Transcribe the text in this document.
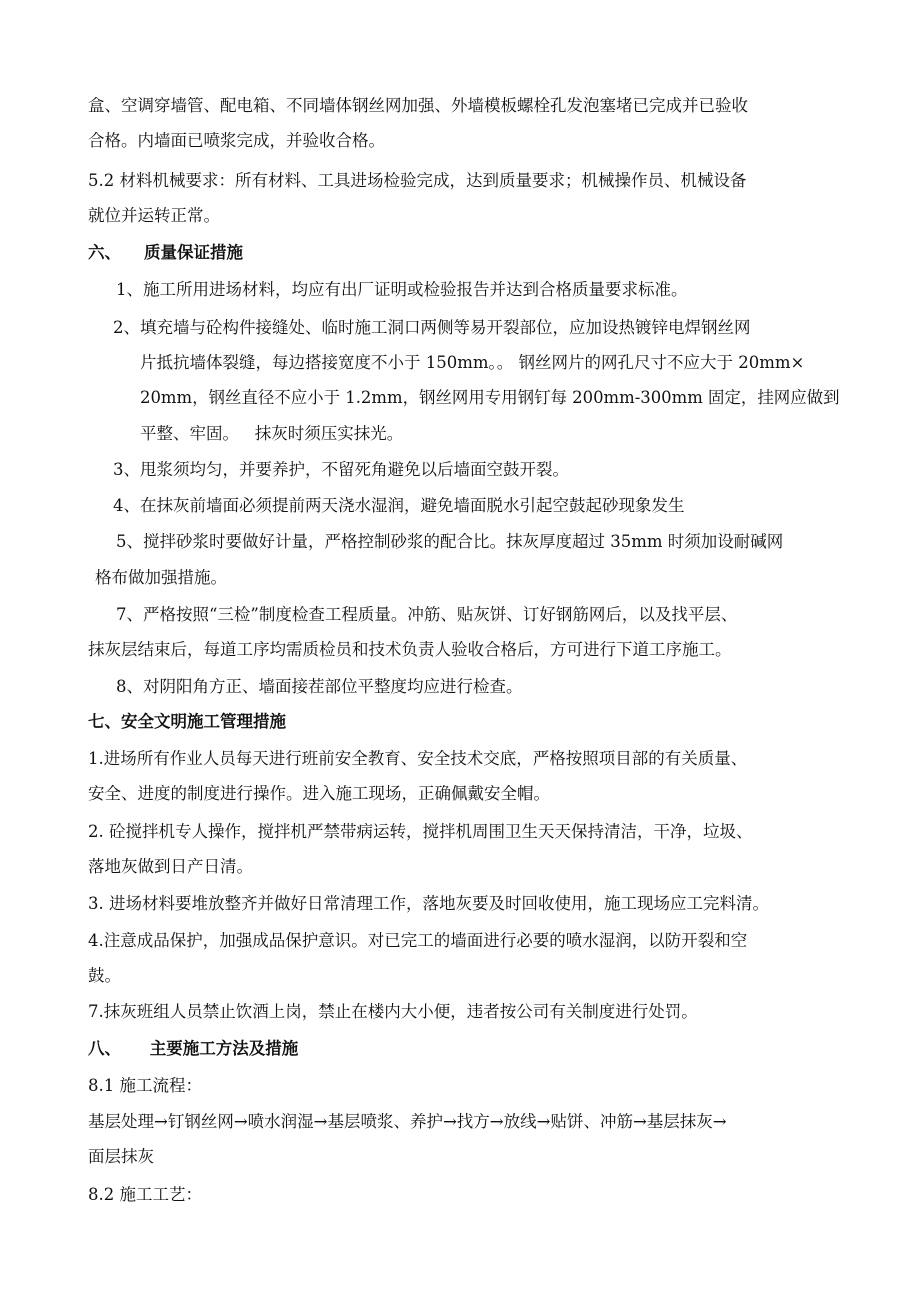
盒、空调穿墙管、配电箱、不同墙体钢丝网加强、外墙模板螺栓孔发泡塞堵已完成并已验收
合格。内墙面已喷浆完成，并验收合格。
5.2 材料机械要求：所有材料、工具进场检验完成，达到质量要求；机械操作员、机械设备
就位并运转正常。
六、    质量保证措施
1、施工所用进场材料，均应有出厂证明或检验报告并达到合格质量要求标准。
2、填充墙与砼构件接缝处、临时施工洞口两侧等易开裂部位，应加设热镀锌电焊钢丝网
片抵抗墙体裂缝，每边搭接宽度不小于 150mm。。 钢丝网片的网孔尺寸不应大于 20mm×
20mm，钢丝直径不应小于 1.2mm，钢丝网用专用钢钉每 200mm-300mm 固定，挂网应做到
平整、牢固。   抹灰时须压实抹光。
3、甩浆须均匀，并要养护，不留死角避免以后墙面空鼓开裂。
4、在抹灰前墙面必须提前两天浇水湿润，避免墙面脱水引起空鼓起砂现象发生
5、搅拌砂浆时要做好计量，严格控制砂浆的配合比。抹灰厚度超过 35mm 时须加设耐碱网
格布做加强措施。
7、严格按照“三检”制度检查工程质量。冲筋、贴灰饼、订好钢筋网后，以及找平层、
抹灰层结束后，每道工序均需质检员和技术负责人验收合格后，方可进行下道工序施工。
8、对阴阳角方正、墙面接茬部位平整度均应进行检查。
七、安全文明施工管理措施
1.进场所有作业人员每天进行班前安全教育、安全技术交底，严格按照项目部的有关质量、
安全、进度的制度进行操作。进入施工现场，正确佩戴安全帽。
2. 砼搅拌机专人操作，搅拌机严禁带病运转，搅拌机周围卫生天天保持清洁，干净，垃圾、
落地灰做到日产日清。
3. 进场材料要堆放整齐并做好日常清理工作，落地灰要及时回收使用，施工现场应工完料清。
4.注意成品保护，加强成品保护意识。对已完工的墙面进行必要的喷水湿润，以防开裂和空
鼓。
7.抹灰班组人员禁止饮酒上岗，禁止在楼内大小便，违者按公司有关制度进行处罚。
八、     主要施工方法及措施
8.1 施工流程：
基层处理→钉钢丝网→喷水润湿→基层喷浆、养护→找方→放线→贴饼、冲筋→基层抹灰→
面层抹灰
8.2 施工工艺：
